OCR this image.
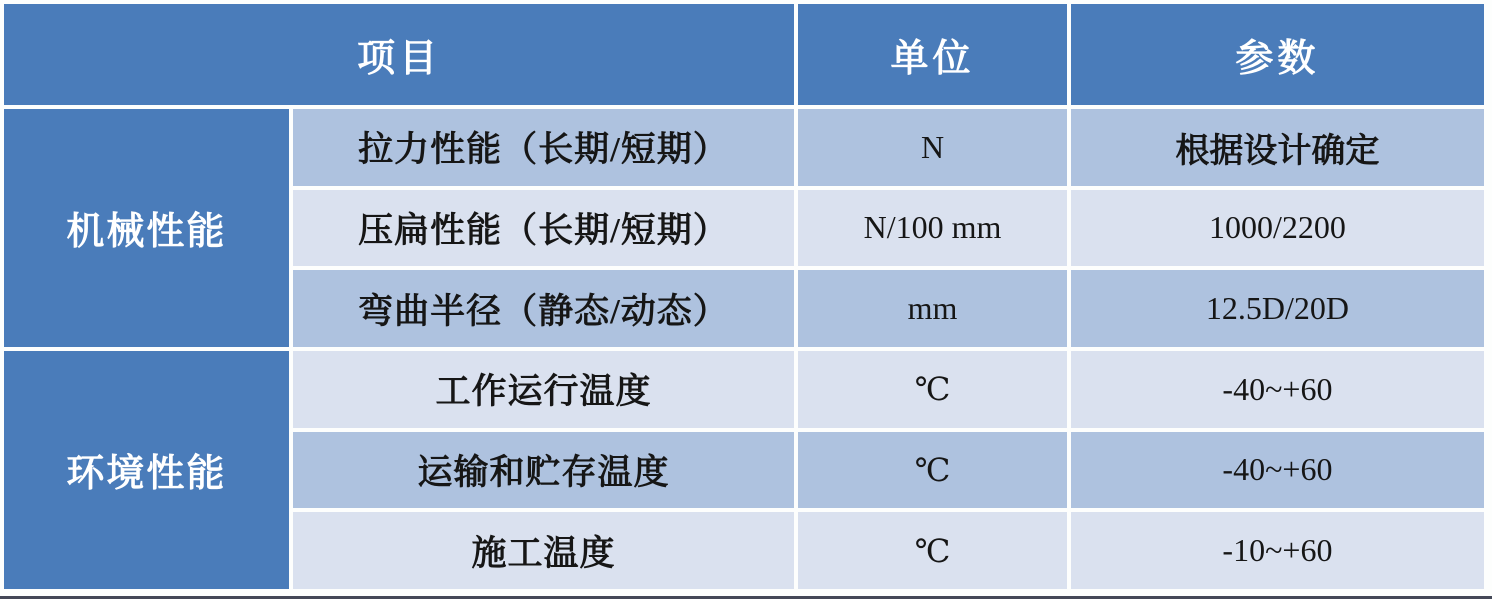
项目		单位	参数
机械性能	拉力性能（长期/短期）	N	根据设计确定
	压扁性能（长期/短期）	N/100 mm	1000/2200
	弯曲半径（静态/动态）	mm	12.5D/20D
环境性能	工作运行温度	℃	-40~+60
	运输和贮存温度	℃	-40~+60
	施工温度	℃	-10~+60
